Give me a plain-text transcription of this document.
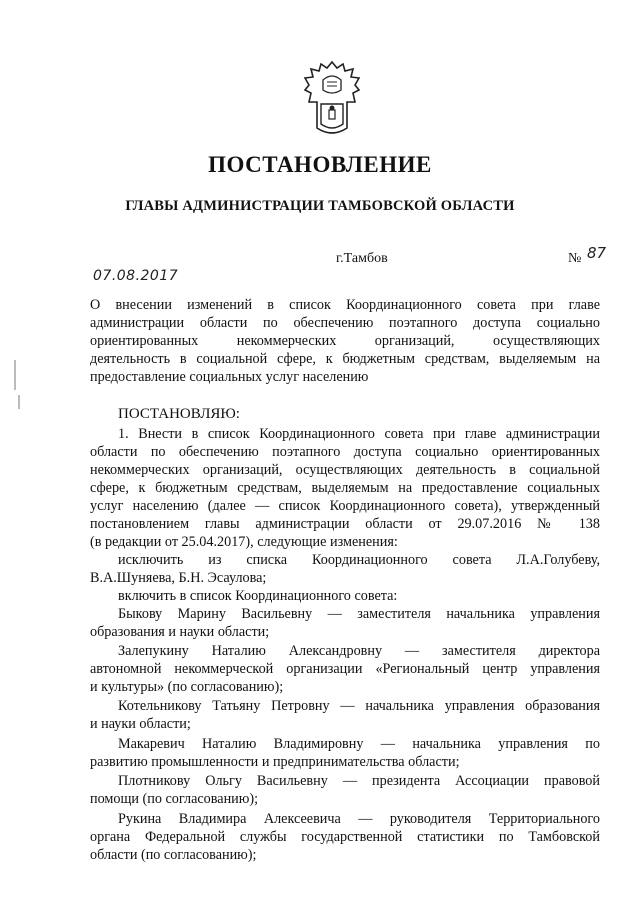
ПОСТАНОВЛЕНИЕ
ГЛАВЫ АДМИНИСТРАЦИИ ТАМБОВСКОЙ ОБЛАСТИ
г.Тамбов	№ 87
07.08.2017
О внесении изменений в список Координационного совета при главе
администрации области по обеспечению поэтапного доступа социально
ориентированных некоммерческих организаций, осуществляющих
деятельность в социальной сфере, к бюджетным средствам, выделяемым на
предоставление социальных услуг населению
ПОСТАНОВЛЯЮ:
1. Внести в список Координационного совета при главе администрации
области по обеспечению поэтапного доступа социально ориентированных
некоммерческих организаций, осуществляющих деятельность в социальной
сфере, к бюджетным средствам, выделяемым на предоставление социальных
услуг населению (далее — список Координационного совета), утвержденный
постановлением главы администрации области от 29.07.2016 № 138
(в редакции от 25.04.2017), следующие изменения:
исключить из списка Координационного совета Л.А.Голубеву,
В.А.Шуняева, Б.Н. Эсаулова;
включить в список Координационного совета:
Быкову Марину Васильевну — заместителя начальника управления
образования и науки области;
Залепукину Наталию Александровну — заместителя директора
автономной некоммерческой организации «Региональный центр управления
и культуры» (по согласованию);
Котельникову Татьяну Петровну — начальника управления образования
и науки области;
Макаревич Наталию Владимировну — начальника управления по
развитию промышленности и предпринимательства области;
Плотникову Ольгу Васильевну — президента Ассоциации правовой
помощи (по согласованию);
Рукина Владимира Алексеевича — руководителя Территориального
органа Федеральной службы государственной статистики по Тамбовской
области (по согласованию);
